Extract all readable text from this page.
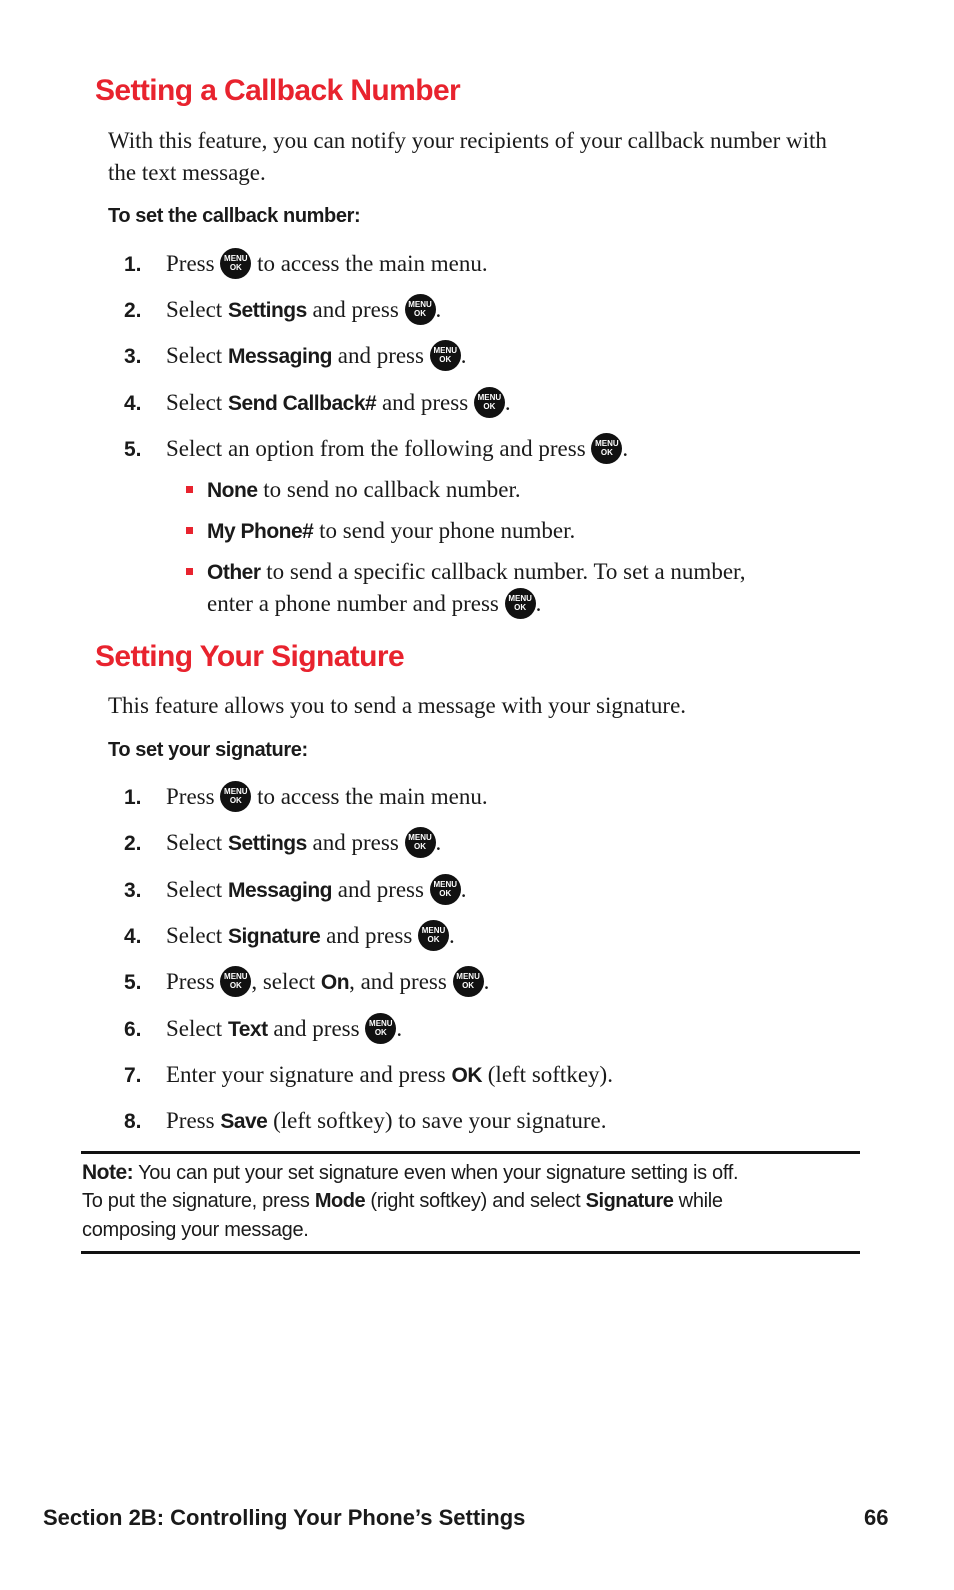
Setting a Callback Number
With this feature, you can notify your recipients of your callback number with the text message.
To set the callback number:
1. Press MENU
OK to access the main menu.
2. Select Settings and press MENU
OK .
3. Select Messaging and press MENU
OK .
4. Select Send Callback# and press MENU
OK .
5. Select an option from the following and press MENU
OK .
None to send no callback number.
My Phone# to send your phone number.
Other to send a specific callback number. To set a number,
enter a phone number and press MENU
OK .
Setting Your Signature
This feature allows you to send a message with your signature.
To set your signature:
1. Press MENU
OK to access the main menu.
2. Select Settings and press MENU
OK .
3. Select Messaging and press MENU
OK .
4. Select Signature and press MENU
OK .
5. Press MENU
OK , select On, and press MENU
OK .
6. Select Text and press MENU
OK .
7. Enter your signature and press OK (left softkey).
8. Press Save (left softkey) to save your signature.
Note: You can put your set signature even when your signature setting is off.
To put the signature, press Mode (right softkey) and select Signature while
composing your message.
Section 2B: Controlling Your Phone’s Settings	66
